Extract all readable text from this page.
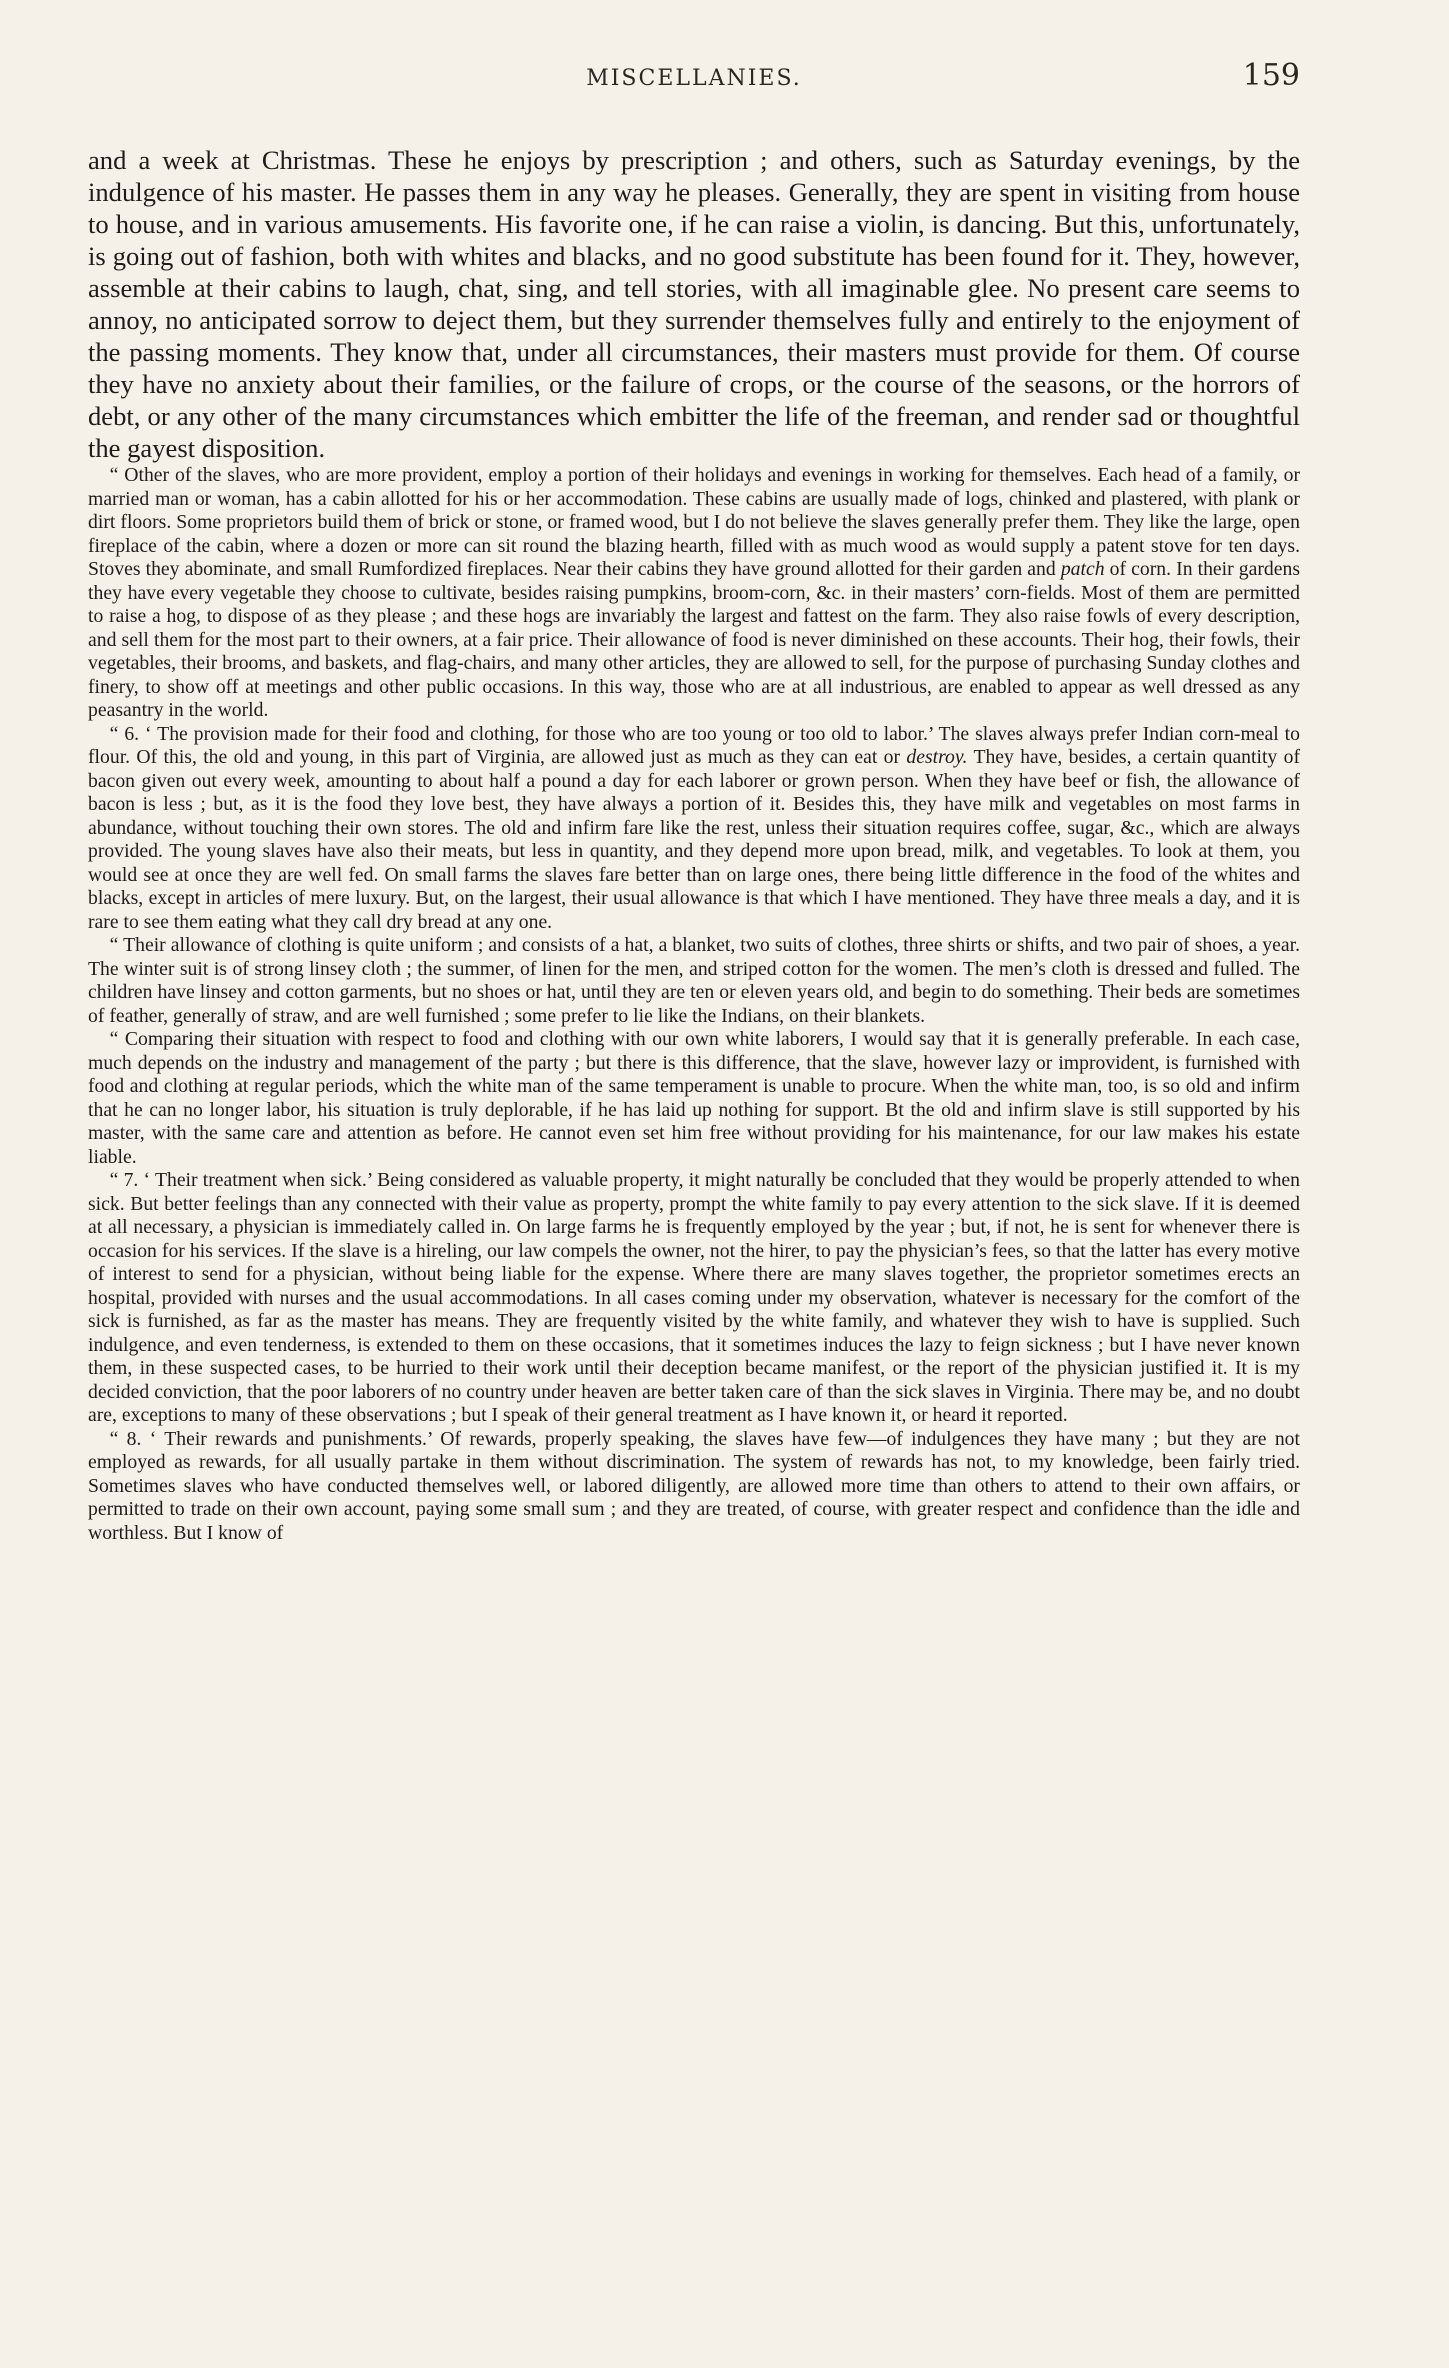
MISCELLANIES.	159

and a week at Christmas. These he enjoys by prescription ; and others, such as Saturday evenings, by the indulgence of his master. He passes them in any way he pleases. Generally, they are spent in visiting from house to house, and in various amusements. His favorite one, if he can raise a violin, is dancing. But this, unfortunately, is going out of fashion, both with whites and blacks, and no good substitute has been found for it. They, however, assemble at their cabins to laugh, chat, sing, and tell stories, with all imaginable glee. No present care seems to annoy, no anticipated sorrow to deject them, but they surrender themselves fully and entirely to the enjoyment of the passing moments. They know that, under all circumstances, their masters must provide for them. Of course they have no anxiety about their families, or the failure of crops, or the course of the seasons, or the horrors of debt, or any other of the many circumstances which embitter the life of the freeman, and render sad or thoughtful the gayest disposition.

“ Other of the slaves, who are more provident, employ a portion of their holidays and evenings in working for themselves. Each head of a family, or married man or woman, has a cabin allotted for his or her accommodation. These cabins are usually made of logs, chinked and plastered, with plank or dirt floors. Some proprietors build them of brick or stone, or framed wood, but I do not believe the slaves generally prefer them. They like the large, open fireplace of the cabin, where a dozen or more can sit round the blazing hearth, filled with as much wood as would supply a patent stove for ten days. Stoves they abominate, and small Rumfordized fireplaces. Near their cabins they have ground allotted for their garden and patch of corn. In their gardens they have every vegetable they choose to cultivate, besides raising pumpkins, broom-corn, &c. in their masters’ corn-fields. Most of them are permitted to raise a hog, to dispose of as they please ; and these hogs are invariably the largest and fattest on the farm. They also raise fowls of every description, and sell them for the most part to their owners, at a fair price. Their allowance of food is never diminished on these accounts. Their hog, their fowls, their vegetables, their brooms, and baskets, and flag-chairs, and many other articles, they are allowed to sell, for the purpose of purchasing Sunday clothes and finery, to show off at meetings and other public occasions. In this way, those who are at all industrious, are enabled to appear as well dressed as any peasantry in the world.

“ 6. ‘ The provision made for their food and clothing, for those who are too young or too old to labor.’ The slaves always prefer Indian corn-meal to flour. Of this, the old and young, in this part of Virginia, are allowed just as much as they can eat or destroy. They have, besides, a certain quantity of bacon given out every week, amounting to about half a pound a day for each laborer or grown person. When they have beef or fish, the allowance of bacon is less ; but, as it is the food they love best, they have always a portion of it. Besides this, they have milk and vegetables on most farms in abundance, without touching their own stores. The old and infirm fare like the rest, unless their situation requires coffee, sugar, &c., which are always provided. The young slaves have also their meats, but less in quantity, and they depend more upon bread, milk, and vegetables. To look at them, you would see at once they are well fed. On small farms the slaves fare better than on large ones, there being little difference in the food of the whites and blacks, except in articles of mere luxury. But, on the largest, their usual allowance is that which I have mentioned. They have three meals a day, and it is rare to see them eating what they call dry bread at any one.

“ Their allowance of clothing is quite uniform ; and consists of a hat, a blanket, two suits of clothes, three shirts or shifts, and two pair of shoes, a year. The winter suit is of strong linsey cloth ; the summer, of linen for the men, and striped cotton for the women. The men’s cloth is dressed and fulled. The children have linsey and cotton garments, but no shoes or hat, until they are ten or eleven years old, and begin to do something. Their beds are sometimes of feather, generally of straw, and are well furnished ; some prefer to lie like the Indians, on their blankets.

“ Comparing their situation with respect to food and clothing with our own white laborers, I would say that it is generally preferable. In each case, much depends on the industry and management of the party ; but there is this difference, that the slave, however lazy or improvident, is furnished with food and clothing at regular periods, which the white man of the same temperament is unable to procure. When the white man, too, is so old and infirm that he can no longer labor, his situation is truly deplorable, if he has laid up nothing for support. Bt the old and infirm slave is still supported by his master, with the same care and attention as before. He cannot even set him free without providing for his maintenance, for our law makes his estate liable.

“ 7. ‘ Their treatment when sick.’ Being considered as valuable property, it might naturally be concluded that they would be properly attended to when sick. But better feelings than any connected with their value as property, prompt the white family to pay every attention to the sick slave. If it is deemed at all necessary, a physician is immediately called in. On large farms he is frequently employed by the year ; but, if not, he is sent for whenever there is occasion for his services. If the slave is a hireling, our law compels the owner, not the hirer, to pay the physician’s fees, so that the latter has every motive of interest to send for a physician, without being liable for the expense. Where there are many slaves together, the proprietor sometimes erects an hospital, provided with nurses and the usual accommodations. In all cases coming under my observation, whatever is necessary for the comfort of the sick is furnished, as far as the master has means. They are frequently visited by the white family, and whatever they wish to have is supplied. Such indulgence, and even tenderness, is extended to them on these occasions, that it sometimes induces the lazy to feign sickness ; but I have never known them, in these suspected cases, to be hurried to their work until their deception became manifest, or the report of the physician justified it. It is my decided conviction, that the poor laborers of no country under heaven are better taken care of than the sick slaves in Virginia. There may be, and no doubt are, exceptions to many of these observations ; but I speak of their general treatment as I have known it, or heard it reported.

“ 8. ‘ Their rewards and punishments.’ Of rewards, properly speaking, the slaves have few—of indulgences they have many ; but they are not employed as rewards, for all usually partake in them without discrimination. The system of rewards has not, to my knowledge, been fairly tried. Sometimes slaves who have conducted themselves well, or labored diligently, are allowed more time than others to attend to their own affairs, or permitted to trade on their own account, paying some small sum ; and they are treated, of course, with greater respect and confidence than the idle and worthless. But I know of
